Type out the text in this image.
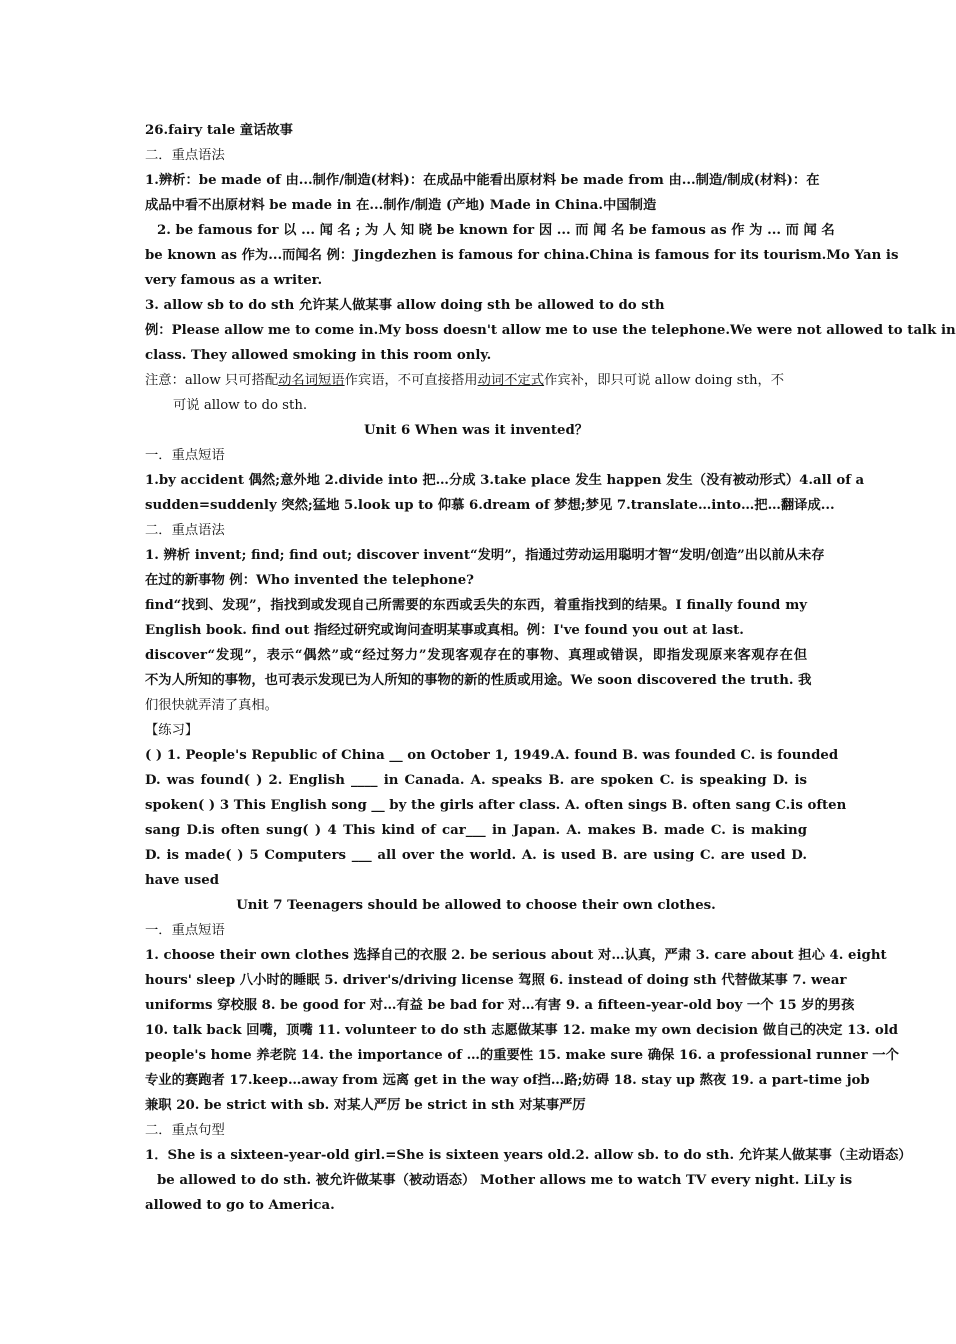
26.fairy tale 童话故事
二．重点语法
1.辨析：be made of 由...制作/制造(材料)：在成品中能看出原材料 be made from 由...制造/制成(材料)：在
成品中看不出原材料 be made in 在...制作/制造 (产地) Made in China.中国制造
2. be famous for 以 ... 闻 名 ; 为 人 知 晓 be known for 因 ... 而 闻 名 be famous as 作 为 ... 而 闻 名
be known as 作为...而闻名 例：Jingdezhen is famous for china.China is famous for its tourism.Mo Yan is
very famous as a writer.
3. allow sb to do sth 允许某人做某事 allow doing sth be allowed to do sth
例：Please allow me to come in.My boss doesn't allow me to use the telephone.We were not allowed to talk in
class. They allowed smoking in this room only.
注意：allow 只可搭配动名词短语作宾语，不可直接搭用动词不定式作宾补，即只可说 allow doing sth，不
可说 allow to do sth.
Unit 6 When was it invented？
一．重点短语
1.by accident 偶然;意外地 2.divide into 把…分成 3.take place 发生 happen 发生（没有被动形式）4.all of a
sudden=suddenly 突然;猛地 5.look up to 仰慕 6.dream of 梦想;梦见 7.translate…into…把…翻译成...
二．重点语法
1. 辨析 invent; find; find out; discover invent“发明”，指通过劳动运用聪明才智“发明/创造”出以前从未存
在过的新事物 例：Who invented the telephone?
find“找到、发现”，指找到或发现自己所需要的东西或丢失的东西，着重指找到的结果。I finally found my
English book. find out 指经过研究或询问查明某事或真相。例：I've found you out at last.
discover“发现”，表示“偶然”或“经过努力”发现客观存在的事物、真理或错误，即指发现原来客观存在但
不为人所知的事物，也可表示发现已为人所知的事物的新的性质或用途。We soon discovered the truth. 我
们很快就弄清了真相。
【练习】
( ) 1. People's Republic of China __ on October 1, 1949.A. found B. was founded C. is founded
D. was found( ) 2. English ____ in Canada. A. speaks B. are spoken C. is speaking D. is
spoken( ) 3 This English song __ by the girls after class. A. often sings B. often sang C.is often
sang D.is often sung( ) 4 This kind of car___ in Japan. A. makes B. made C. is making
D. is made( ) 5 Computers ___ all over the world. A. is used B. are using C. are used D.
have used
Unit 7 Teenagers should be allowed to choose their own clothes.
一．重点短语
1. choose their own clothes 选择自己的衣服 2. be serious about 对…认真，严肃 3. care about 担心 4. eight
hours' sleep 八小时的睡眠 5. driver's/driving license 驾照 6. instead of doing sth 代替做某事 7. wear
uniforms 穿校服 8. be good for 对…有益 be bad for 对…有害 9. a fifteen-year-old boy 一个 15 岁的男孩
10. talk back 回嘴，顶嘴 11. volunteer to do sth 志愿做某事 12. make my own decision 做自己的决定 13. old
people's home 养老院 14. the importance of …的重要性 15. make sure 确保 16. a professional runner 一个
专业的赛跑者 17.keep…away from 远离 get in the way of挡…路;妨碍 18. stay up 熬夜 19. a part-time job
兼职 20. be strict with sb. 对某人严厉 be strict in sth 对某事严厉
二．重点句型
1．She is a sixteen-year-old girl.=She is sixteen years old.2. allow sb. to do sth. 允许某人做某事（主动语态）
be allowed to do sth. 被允许做某事（被动语态） Mother allows me to watch TV every night. LiLy is
allowed to go to America.
